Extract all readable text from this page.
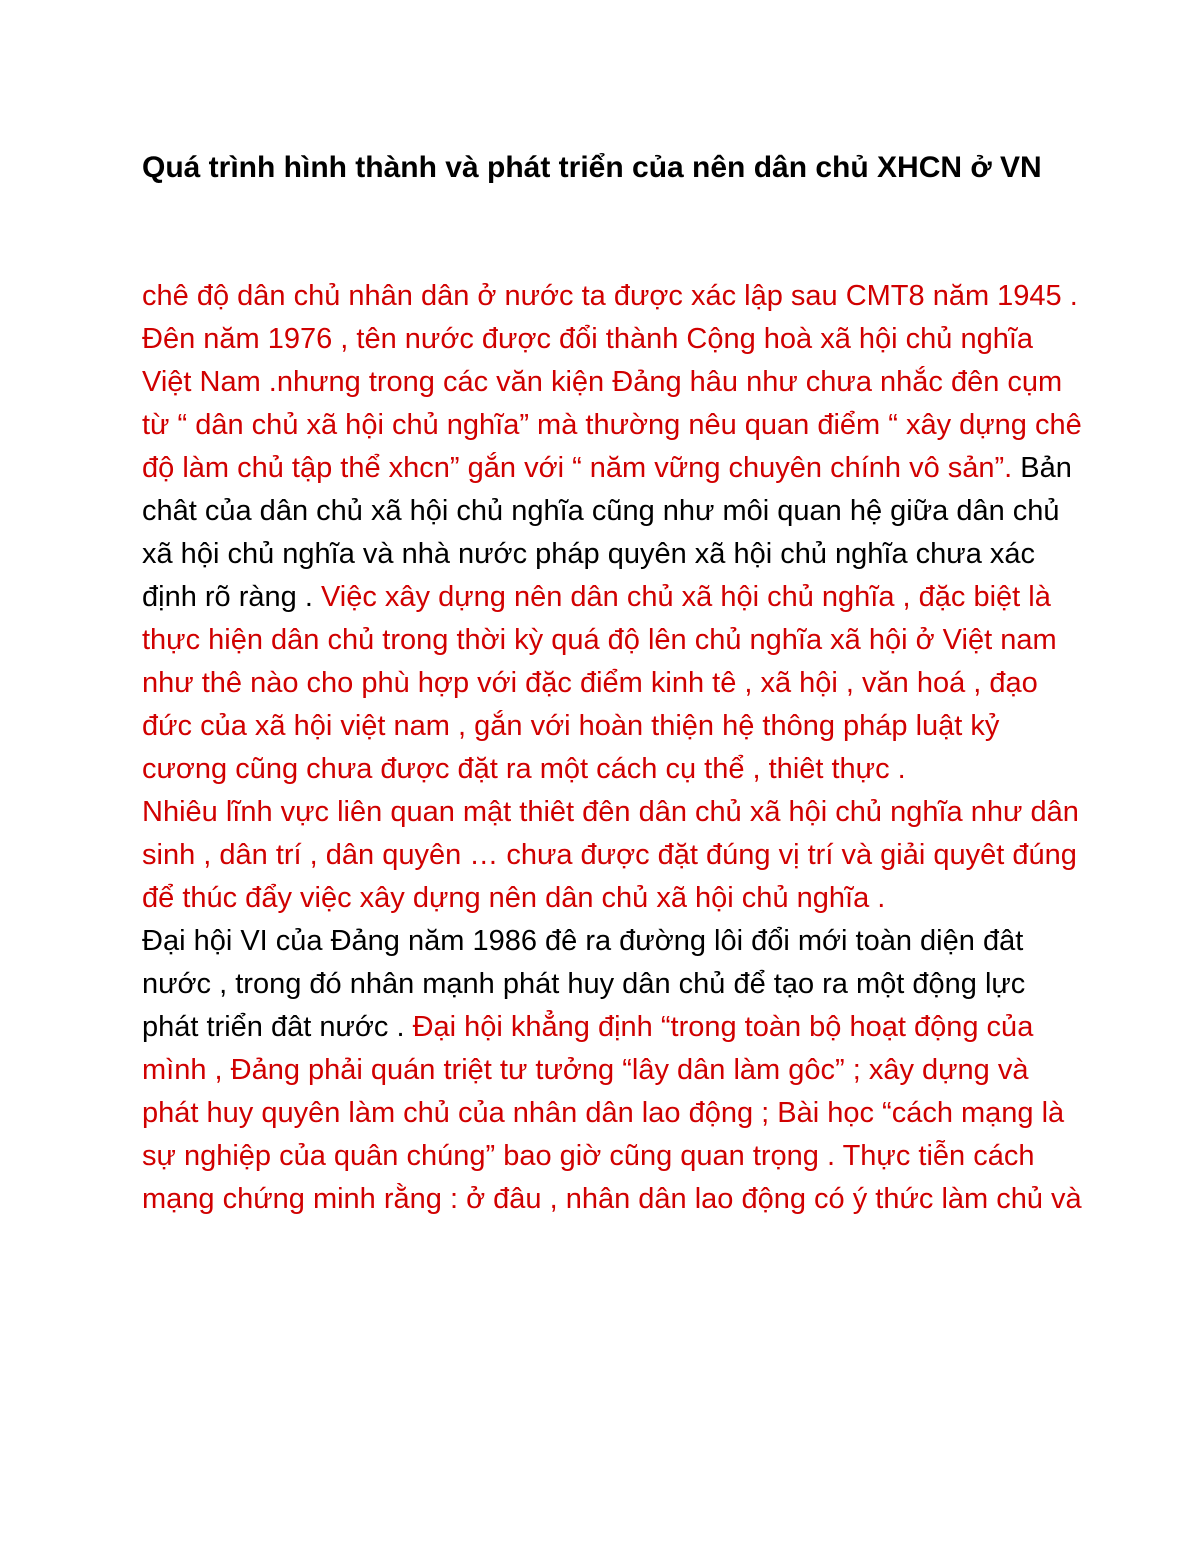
Quá trình hình thành và phát triển của nên dân chủ XHCN ở VN

chê độ dân chủ nhân dân ở nước ta được xác lập sau CMT8 năm 1945 . Đên năm 1976 , tên nước được đổi thành Cộng hoà xã hội chủ nghĩa Việt Nam .nhưng trong các văn kiện Đảng hâu như chưa nhắc đên cụm từ “ dân chủ xã hội chủ nghĩa” mà thường nêu quan điểm “ xây dựng chê độ làm chủ tập thể xhcn” gắn với “ năm vững chuyên chính vô sản”. Bản chât của dân chủ xã hội chủ nghĩa cũng như môi quan hệ giữa dân chủ xã hội chủ nghĩa và nhà nước pháp quyên xã hội chủ nghĩa chưa xác định rõ ràng . Việc xây dựng nên dân chủ xã hội chủ nghĩa , đặc biệt là thực hiện dân chủ trong thời kỳ quá độ lên chủ nghĩa xã hội ở Việt nam như thê nào cho phù hợp với đặc điểm kinh tê , xã hội , văn hoá , đạo đức của xã hội việt nam , gắn với hoàn thiện hệ thông pháp luật kỷ cương cũng chưa được đặt ra một cách cụ thể , thiêt thực .

Nhiêu lĩnh vực liên quan mật thiêt đên dân chủ xã hội chủ nghĩa như dân sinh , dân trí , dân quyên … chưa được đặt đúng vị trí và giải quyêt đúng để thúc đẩy việc xây dựng nên dân chủ xã hội chủ nghĩa .

Đại hội VI của Đảng năm 1986 đê ra đường lôi đổi mới toàn diện đât nước , trong đó nhân mạnh phát huy dân chủ để tạo ra một động lực phát triển đât nước . Đại hội khẳng định “trong toàn bộ hoạt động của mình , Đảng phải quán triệt tư tưởng “lây dân làm gôc” ; xây dựng và phát huy quyên làm chủ của nhân dân lao động ; Bài học “cách mạng là sự nghiệp của quân chúng” bao giờ cũng quan trọng . Thực tiễn cách mạng chứng minh rằng : ở đâu , nhân dân lao động có ý thức làm chủ và
